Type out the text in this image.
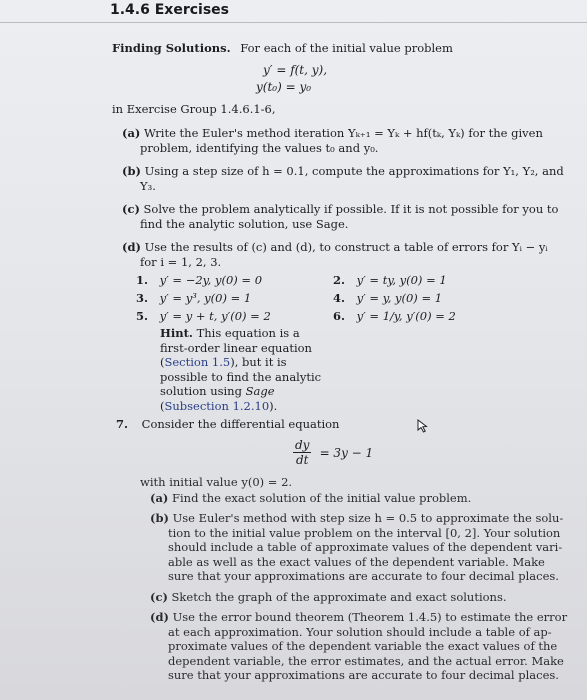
1.4.6 Exercises
Finding Solutions. For each of the initial value problem
y′ = f(t, y),
y(t₀) = y₀
in Exercise Group 1.4.6.1-6,
(a) Write the Euler's method iteration Yₖ₊₁ = Yₖ + hf(tₖ, Yₖ) for the given
problem, identifying the values t₀ and y₀.
(b) Using a step size of h = 0.1, compute the approximations for Y₁, Y₂, and
Y₃.
(c) Solve the problem analytically if possible. If it is not possible for you to
find the analytic solution, use Sage.
(d) Use the results of (c) and (d), to construct a table of errors for Yᵢ − yᵢ
for i = 1, 2, 3.
1. y′ = −2y, y(0) = 0	2. y′ = ty, y(0) = 1
3. y′ = y³, y(0) = 1	4. y′ = y, y(0) = 1
5. y′ = y + t, y′(0) = 2	6. y′ = 1/y, y′(0) = 2
Hint. This equation is a
first-order linear equation
(Section 1.5), but it is
possible to find the analytic
solution using Sage
(Subsection 1.2.10).
7. Consider the differential equation
$\frac{dy}{dt} = 3y - 1$
with initial value y(0) = 2.
(a) Find the exact solution of the initial value problem.
(b) Use Euler's method with step size h = 0.5 to approximate the solu-
tion to the initial value problem on the interval [0, 2]. Your solution
should include a table of approximate values of the dependent vari-
able as well as the exact values of the dependent variable. Make
sure that your approximations are accurate to four decimal places.
(c) Sketch the graph of the approximate and exact solutions.
(d) Use the error bound theorem (Theorem 1.4.5) to estimate the error
at each approximation. Your solution should include a table of ap-
proximate values of the dependent variable the exact values of the
dependent variable, the error estimates, and the actual error. Make
sure that your approximations are accurate to four decimal places.
